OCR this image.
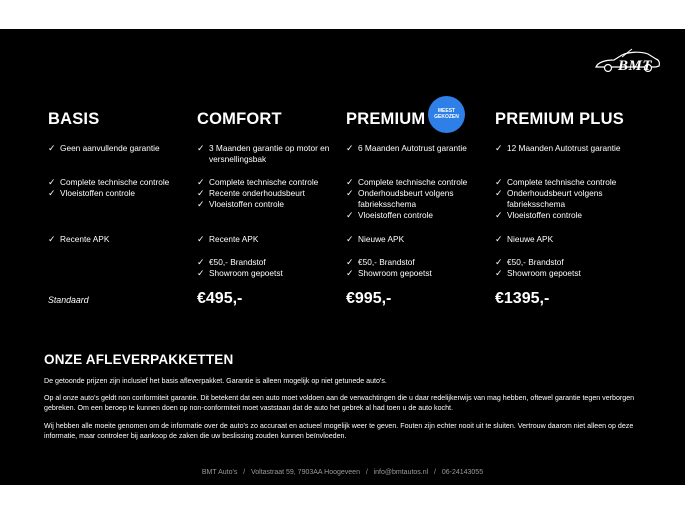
BMT
BASIS
✓ Geen aanvullende garantie
✓ Complete technische controle
✓ Vloeistoffen controle
✓ Recente APK
Standaard
COMFORT
✓ 3 Maanden garantie op motor en versnellingsbak
✓ Complete technische controle
✓ Recente onderhoudsbeurt
✓ Vloeistoffen controle
✓ Recente APK
✓ €50,- Brandstof
✓ Showroom gepoetst
€495,-
PREMIUM
✓ 6 Maanden Autotrust garantie
✓ Complete technische controle
✓ Onderhoudsbeurt volgens fabrieksschema
✓ Vloeistoffen controle
✓ Nieuwe APK
✓ €50,- Brandstof
✓ Showroom gepoetst
€995,-
PREMIUM PLUS
✓ 12 Maanden Autotrust garantie
✓ Complete technische controle
✓ Onderhoudsbeurt volgens fabrieksschema
✓ Vloeistoffen controle
✓ Nieuwe APK
✓ €50,- Brandstof
✓ Showroom gepoetst
€1395,-
MEEST
GEKOZEN
ONZE AFLEVERPAKKETTEN
De getoonde prijzen zijn inclusief het basis afleverpakket. Garantie is alleen mogelijk op niet getunede auto's.
Op al onze auto's geldt non conformiteit garantie. Dit betekent dat een auto moet voldoen aan de verwachtingen die u daar redelijkerwijs van mag hebben, oftewel garantie tegen verborgen gebreken. Om een beroep te kunnen doen op non-conformiteit moet vaststaan dat de auto het gebrek al had toen u de auto kocht.
Wij hebben alle moeite genomen om de informatie over de auto's zo accuraat en actueel mogelijk weer te geven. Fouten zijn echter nooit uit te sluiten. Vertrouw daarom niet alleen op deze informatie, maar controleer bij aankoop de zaken die uw beslissing zouden kunnen beïnvloeden.
BMT Auto's / Voltastraat 59, 7903AA Hoogeveen / info@bmtautos.nl / 06-24143055
